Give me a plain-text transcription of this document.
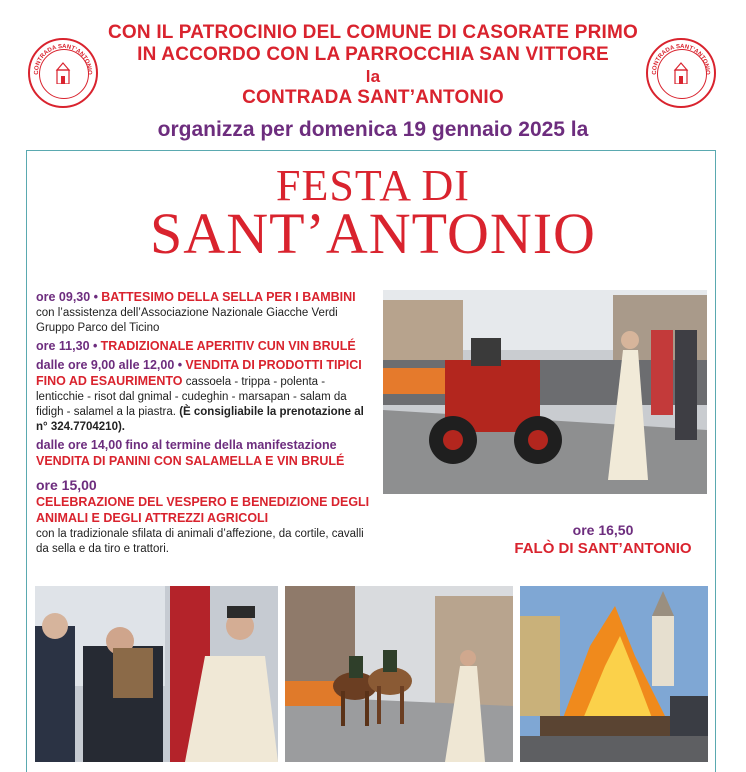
CON IL PATROCINIO DEL COMUNE DI CASORATE PRIMO
IN ACCORDO CON LA PARROCCHIA SAN VITTORE
la
CONTRADA SANT’ANTONIO
CONTRADA SANT’ANTONIO	CONTRADA SANT’ANTONIO
organizza per domenica 19 gennaio 2025 la
FESTA DI
SANT’ANTONIO
ore 09,30 • BATTESIMO DELLA SELLA PER I BAMBINI
con l’assistenza dell’Associazione Nazionale Giacche Verdi Gruppo Parco del Ticino
ore 11,30 • TRADIZIONALE APERITIV CUN VIN BRULÉ
dalle ore 9,00 alle 12,00 • VENDITA DI PRODOTTI TIPICI FINO AD ESAURIMENTO cassoela - trippa - polenta - lenticchie - risot dal gnimal - cudeghin - marsapan - salam da fidigh - salamel a la piastra. (È consigliabile la prenotazione al n° 324.7704210).
dalle ore 14,00 fino al termine della manifestazione
VENDITA DI PANINI CON SALAMELLA E VIN BRULÉ
ore 15,00
CELEBRAZIONE DEL VESPERO E BENEDIZIONE DEGLI ANIMALI E DEGLI ATTREZZI AGRICOLI
con la tradizionale sfilata di animali d’affezione, da cortile, cavalli da sella e da tiro e trattori.
ore 16,50
FALÒ DI SANT’ANTONIO
